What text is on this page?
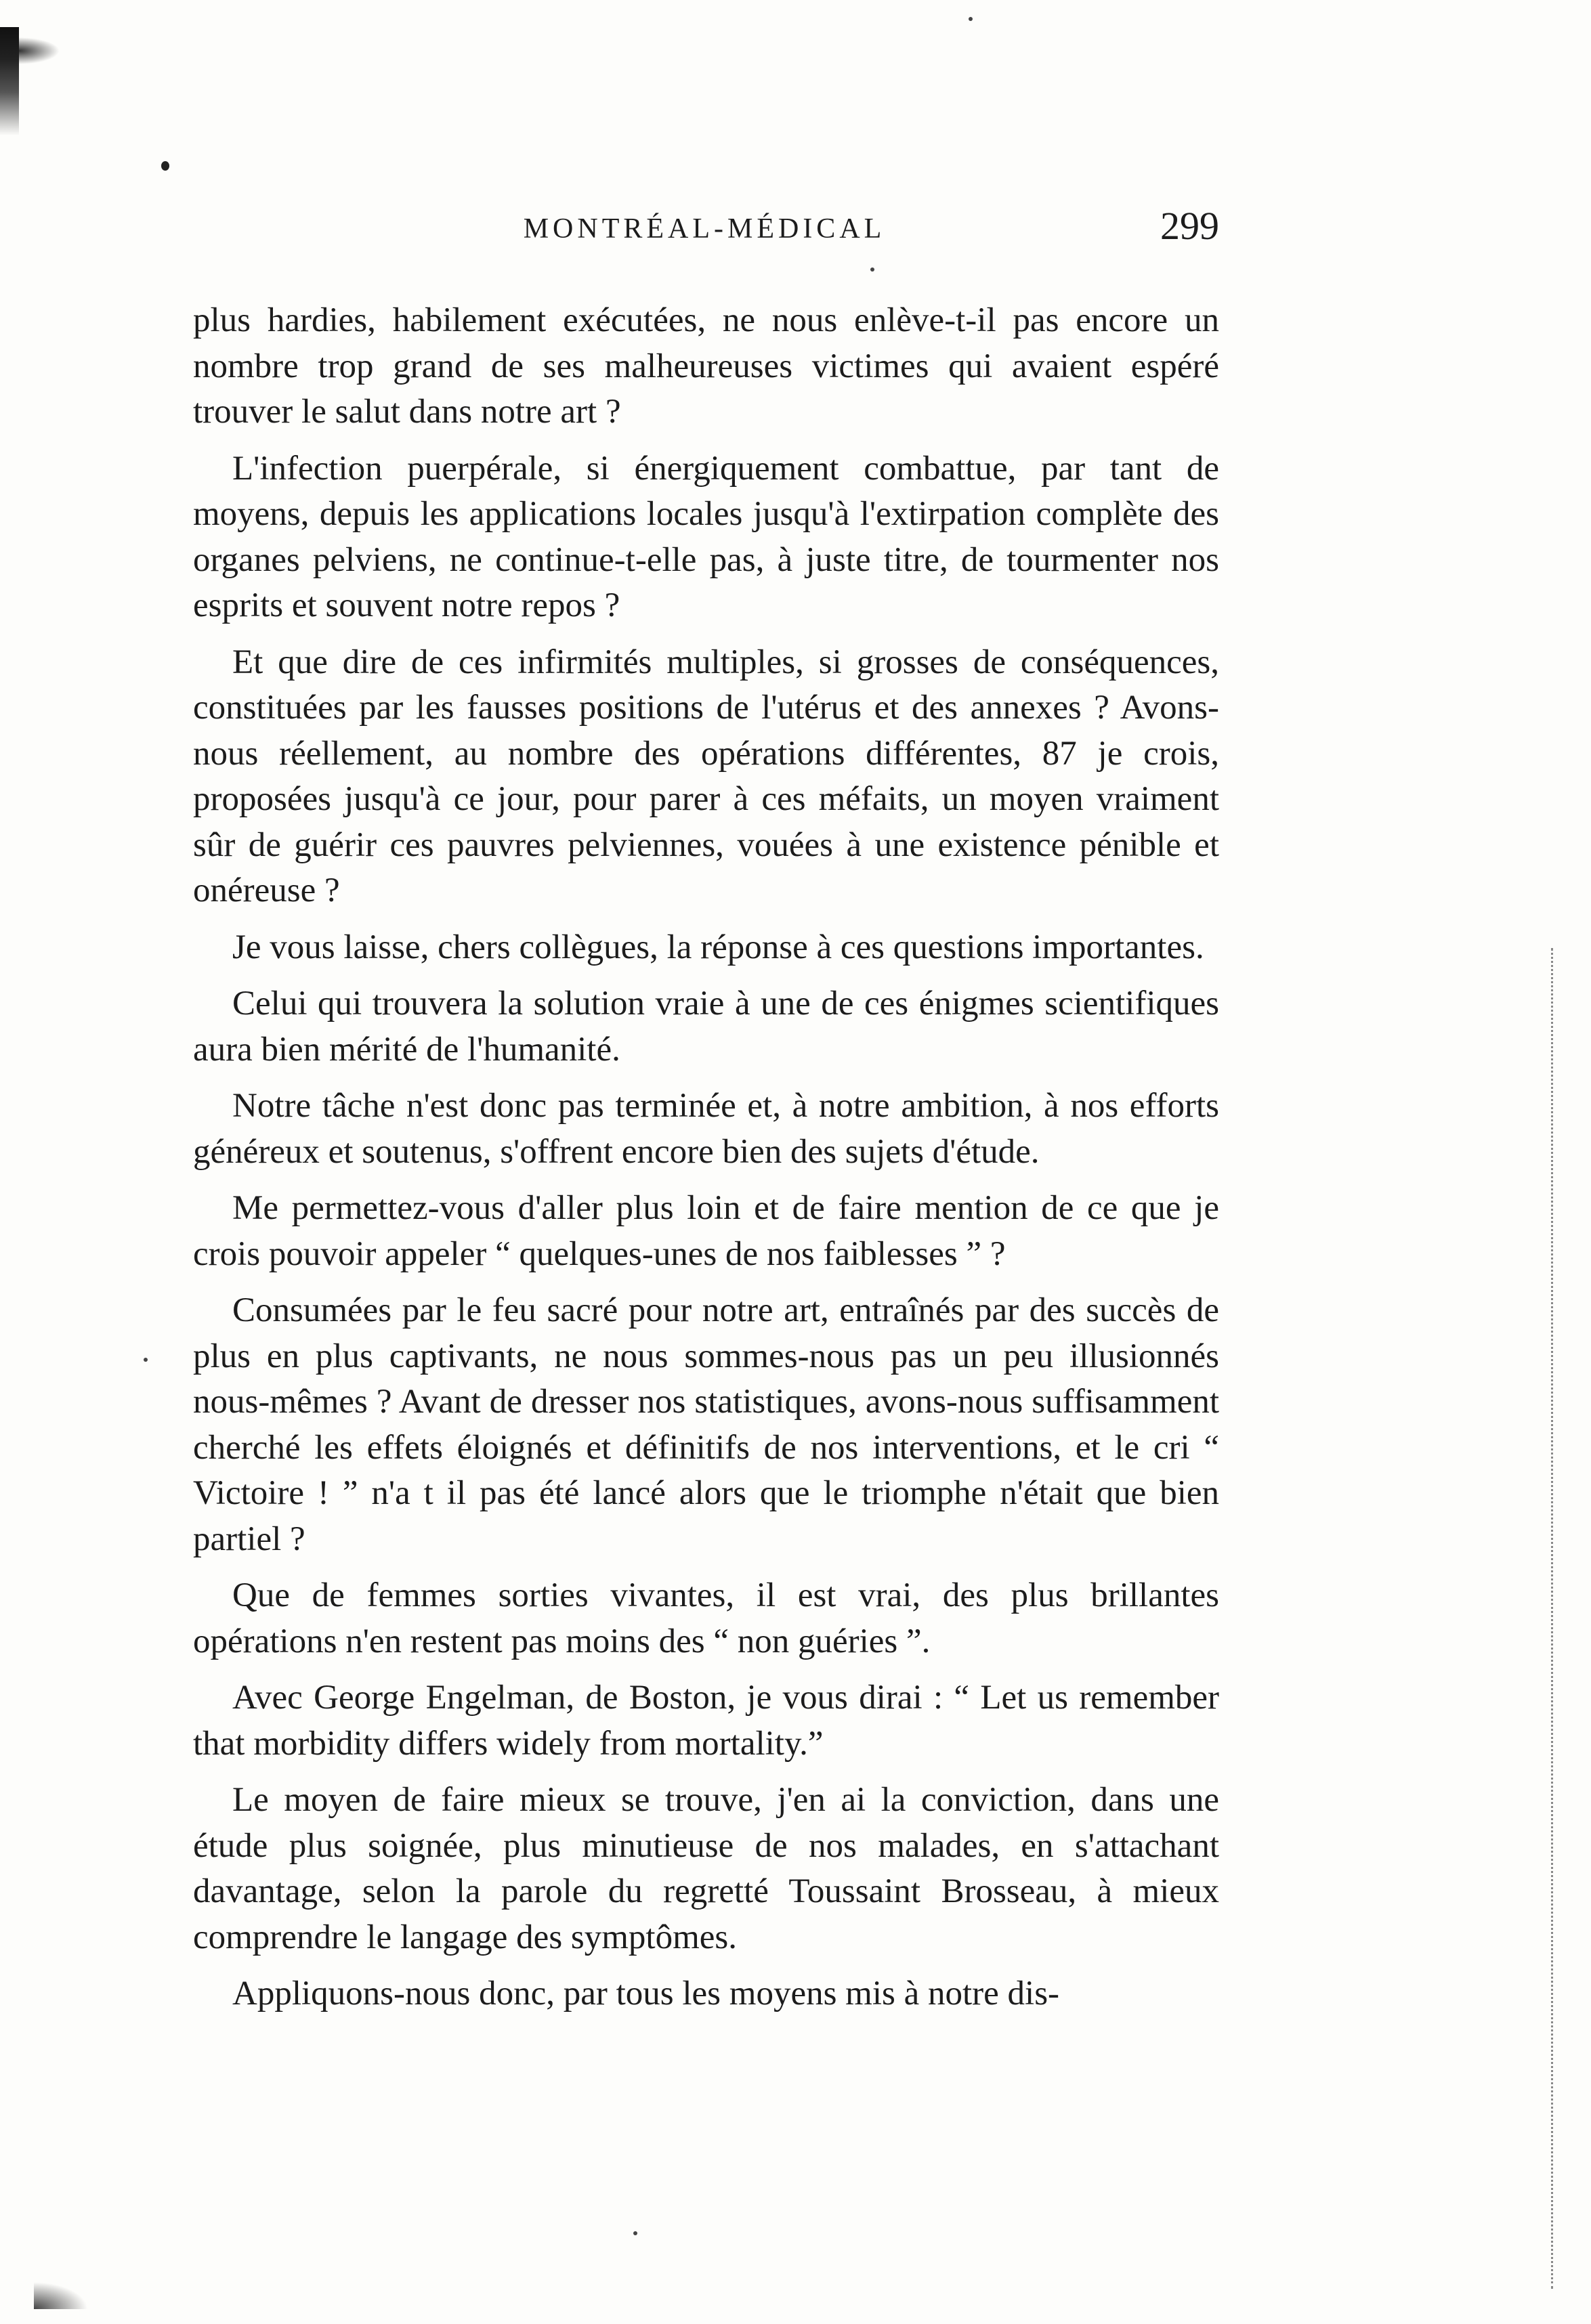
MONTRÉAL-MÉDICAL	299

plus hardies, habilement exécutées, ne nous enlève-t-il pas encore un nombre trop grand de ses malheureuses victimes qui avaient espéré trouver le salut dans notre art ?

L'infection puerpérale, si énergiquement combattue, par tant de moyens, depuis les applications locales jusqu'à l'extirpation complète des organes pelviens, ne continue-t-elle pas, à juste titre, de tourmenter nos esprits et souvent notre repos ?

Et que dire de ces infirmités multiples, si grosses de conséquences, constituées par les fausses positions de l'utérus et des annexes ? Avons-nous réellement, au nombre des opérations différentes, 87 je crois, proposées jusqu'à ce jour, pour parer à ces méfaits, un moyen vraiment sûr de guérir ces pauvres pelviennes, vouées à une existence pénible et onéreuse ?

Je vous laisse, chers collègues, la réponse à ces questions importantes.

Celui qui trouvera la solution vraie à une de ces énigmes scientifiques aura bien mérité de l'humanité.

Notre tâche n'est donc pas terminée et, à notre ambition, à nos efforts généreux et soutenus, s'offrent encore bien des sujets d'étude.

Me permettez-vous d'aller plus loin et de faire mention de ce que je crois pouvoir appeler “ quelques-unes de nos faiblesses ” ?

Consumées par le feu sacré pour notre art, entraînés par des succès de plus en plus captivants, ne nous sommes-nous pas un peu illusionnés nous-mêmes ? Avant de dresser nos statistiques, avons-nous suffisamment cherché les effets éloignés et définitifs de nos interventions, et le cri “ Victoire ! ” n'a t il pas été lancé alors que le triomphe n'était que bien partiel ?

Que de femmes sorties vivantes, il est vrai, des plus brillantes opérations n'en restent pas moins des “ non guéries ”.

Avec George Engelman, de Boston, je vous dirai : “ Let us remember that morbidity differs widely from mortality.”

Le moyen de faire mieux se trouve, j'en ai la conviction, dans une étude plus soignée, plus minutieuse de nos malades, en s'attachant davantage, selon la parole du regretté Toussaint Brosseau, à mieux comprendre le langage des symptômes.

Appliquons-nous donc, par tous les moyens mis à notre dis-
